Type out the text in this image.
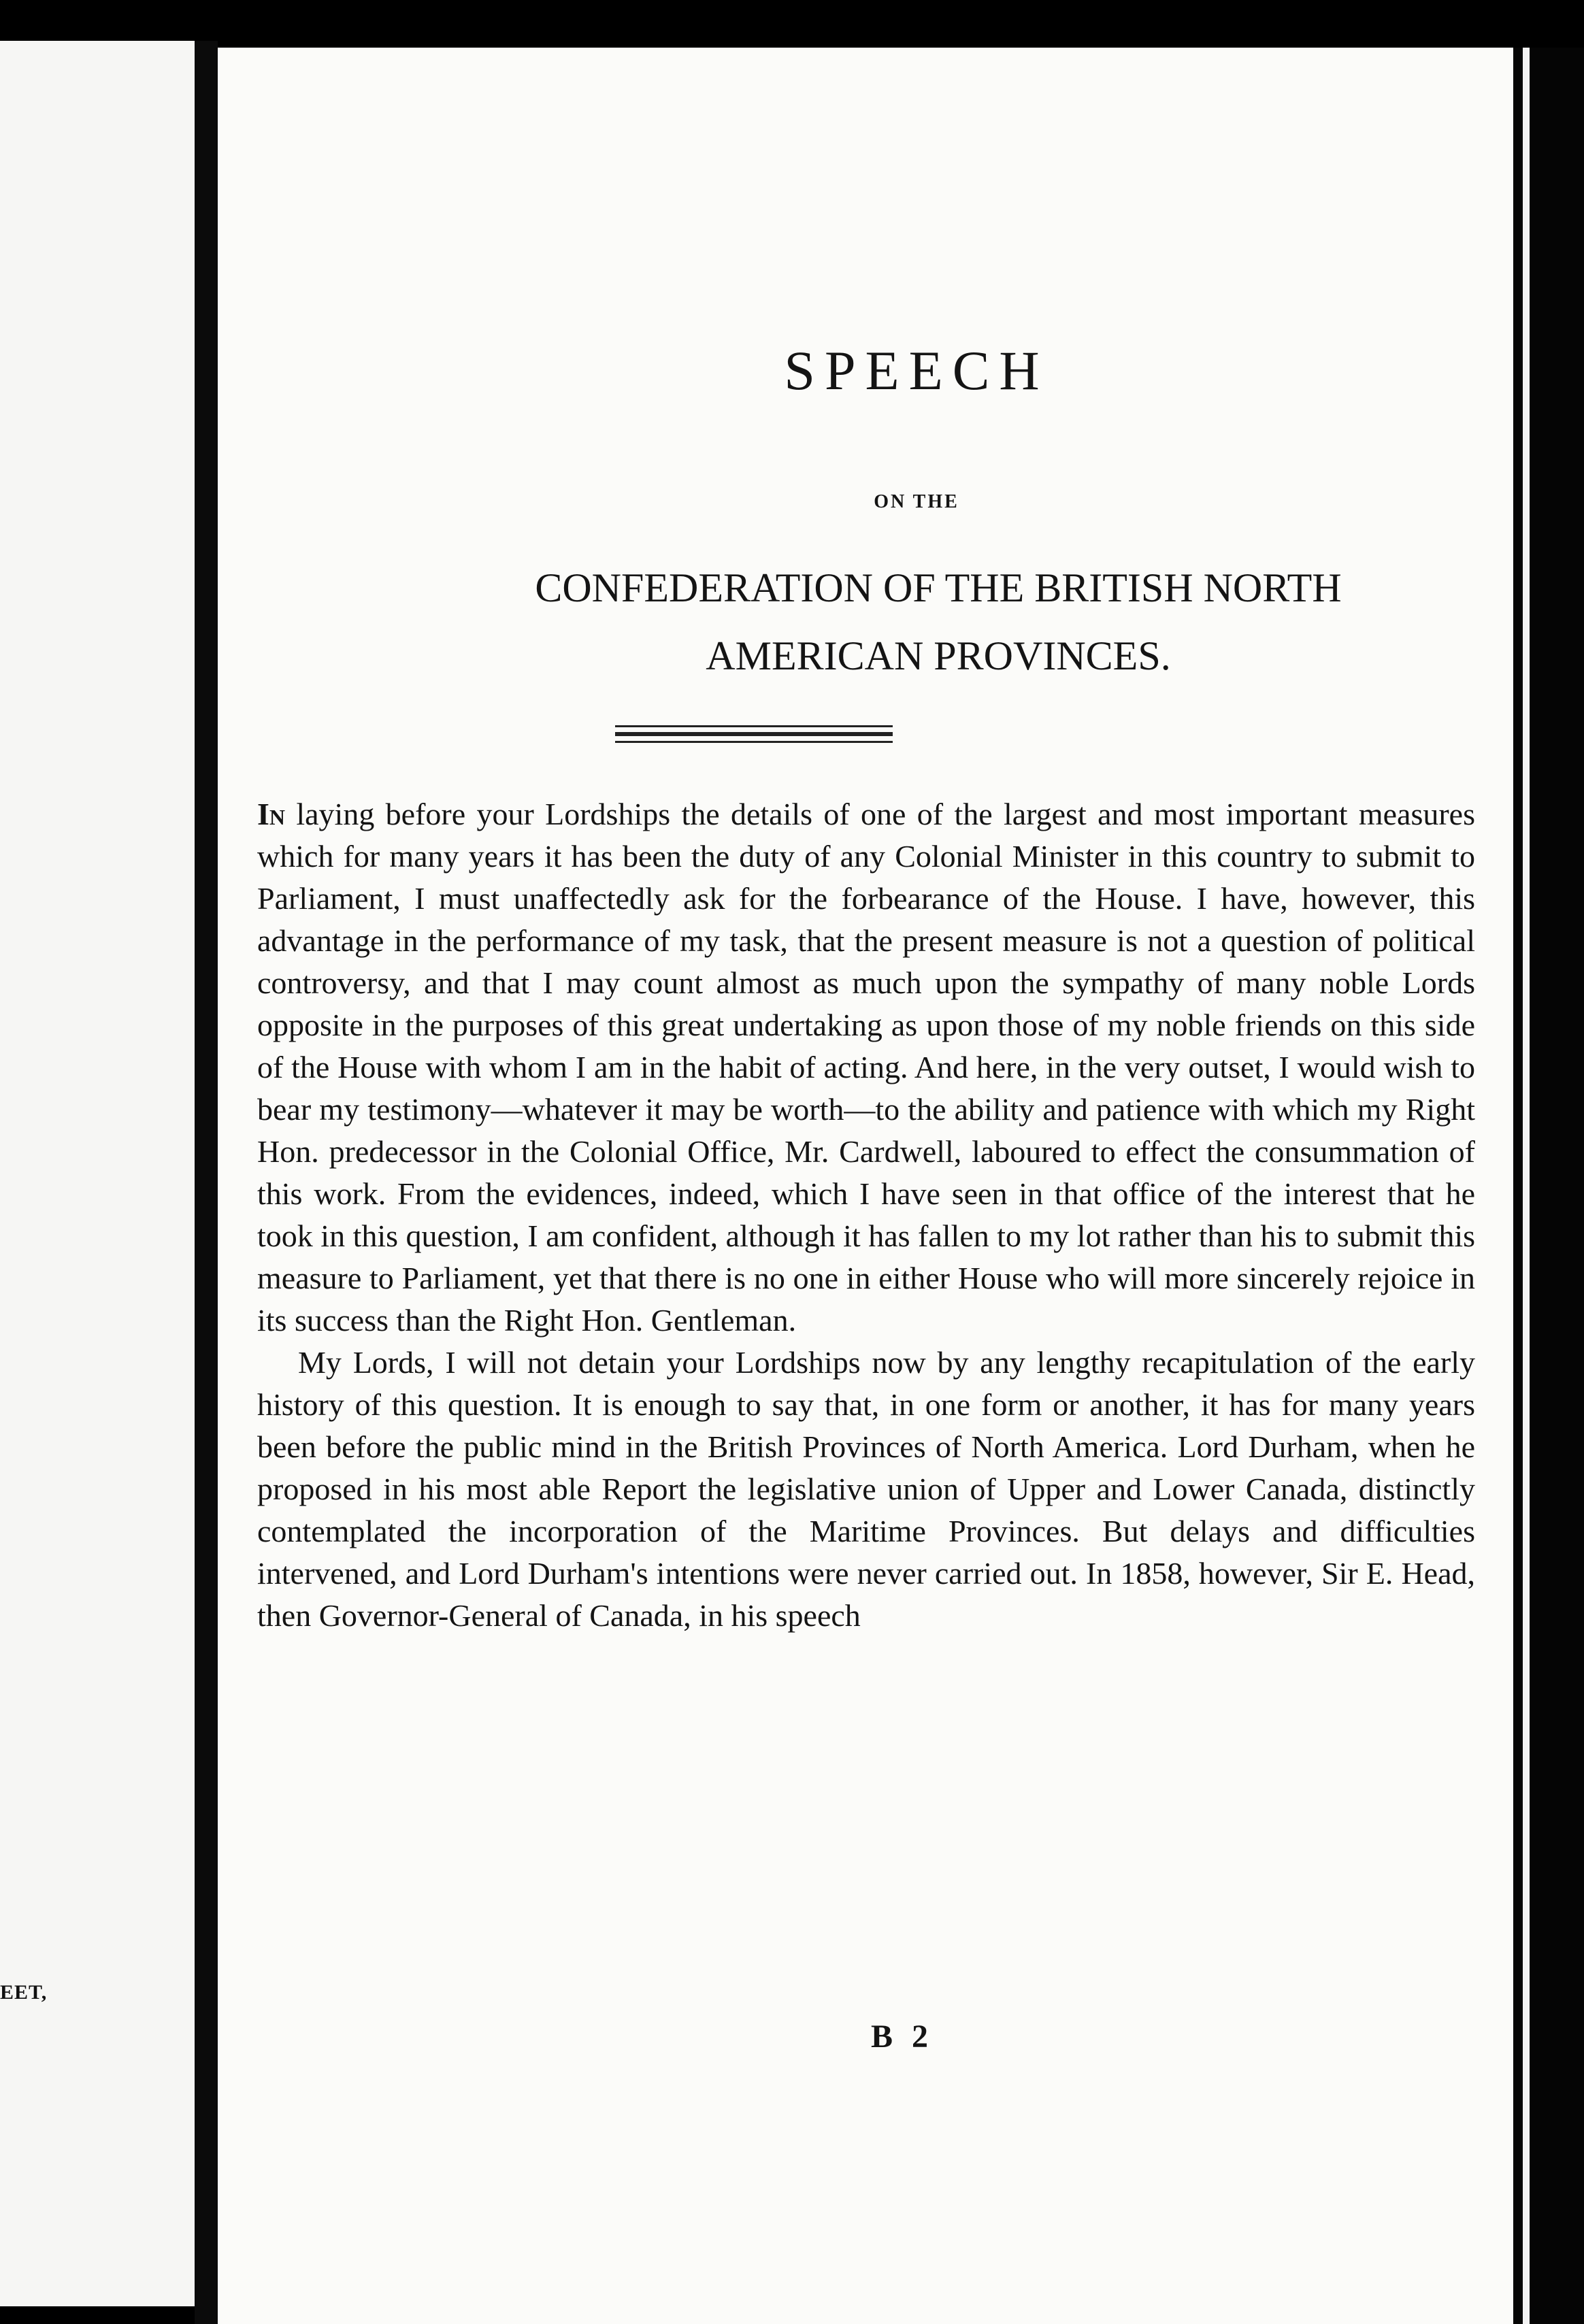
EET,
SPEECH
ON THE
CONFEDERATION OF THE BRITISH NORTH
AMERICAN PROVINCES.

In laying before your Lordships the details of one of the largest and most important measures which for many years it has been the duty of any Colonial Minister in this country to submit to Parliament, I must unaffectedly ask for the forbearance of the House. I have, however, this advantage in the performance of my task, that the present measure is not a question of political controversy, and that I may count almost as much upon the sympathy of many noble Lords opposite in the purposes of this great undertaking as upon those of my noble friends on this side of the House with whom I am in the habit of acting. And here, in the very outset, I would wish to bear my testimony—whatever it may be worth—to the ability and patience with which my Right Hon. predecessor in the Colonial Office, Mr. Cardwell, laboured to effect the consummation of this work. From the evidences, indeed, which I have seen in that office of the interest that he took in this question, I am confident, although it has fallen to my lot rather than his to submit this measure to Parliament, yet that there is no one in either House who will more sincerely rejoice in its success than the Right Hon. Gentleman.

My Lords, I will not detain your Lordships now by any lengthy recapitulation of the early history of this question. It is enough to say that, in one form or another, it has for many years been before the public mind in the British Provinces of North America. Lord Durham, when he proposed in his most able Report the legislative union of Upper and Lower Canada, distinctly contemplated the incorporation of the Maritime Provinces. But delays and difficulties intervened, and Lord Durham's intentions were never carried out. In 1858, however, Sir E. Head, then Governor-General of Canada, in his speech

B 2
